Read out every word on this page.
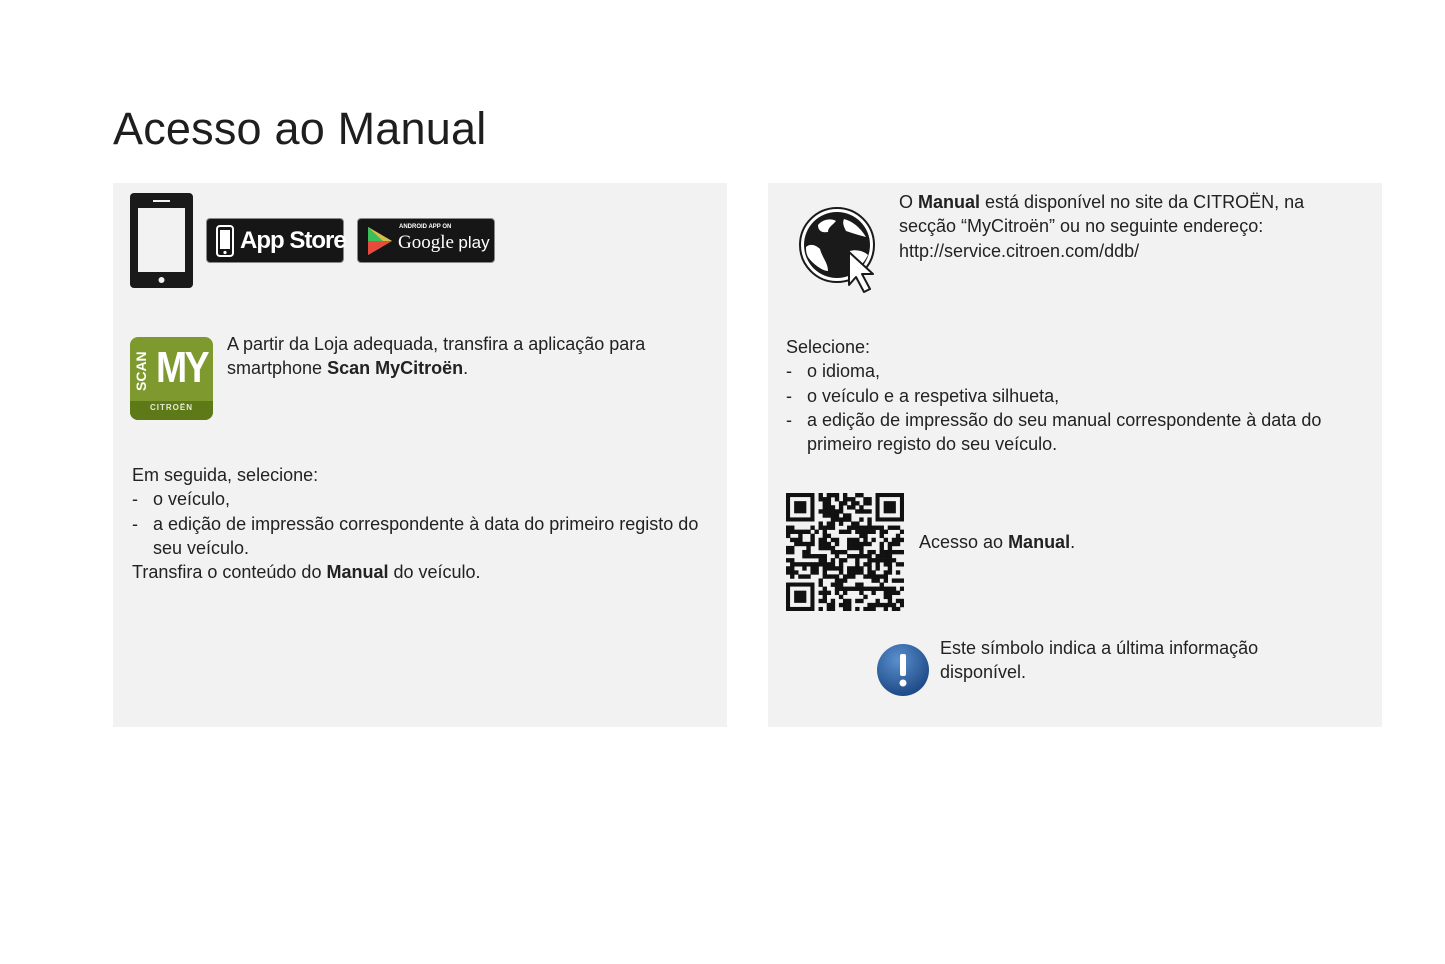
Acesso ao Manual
App Store	ANDROID APP ON
Google play
SCAN MY
CITROËN
A partir da Loja adequada, transfira a aplicação para smartphone Scan MyCitroën.
Em seguida, selecione:
- o veículo,
- a edição de impressão correspondente à data do primeiro registo do seu veículo.
Transfira o conteúdo do Manual do veículo.
O Manual está disponível no site da CITROËN, na secção “MyCitroën” ou no seguinte endereço:
http://service.citroen.com/ddb/
Selecione:
- o idioma,
- o veículo e a respetiva silhueta,
- a edição de impressão do seu manual correspondente à data do primeiro registo do seu veículo.
Acesso ao Manual.
Este símbolo indica a última informação disponível.
